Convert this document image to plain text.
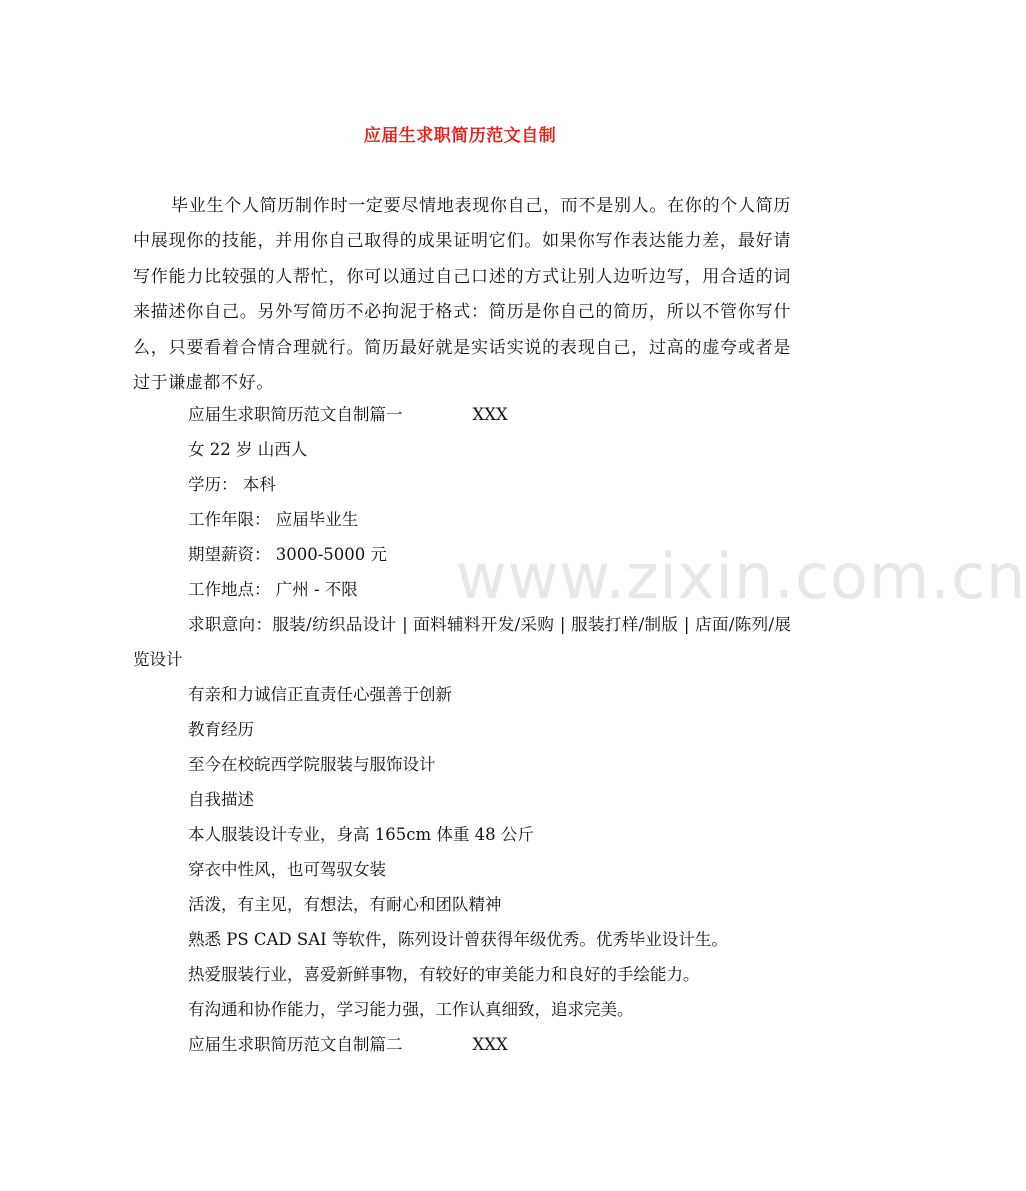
www.zixin.com.cn
应届生求职简历范文自制

毕业生个人简历制作时一定要尽情地表现你自己，而不是别人。在你的个人简历中展现你的技能，并用你自己取得的成果证明它们。如果你写作表达能力差，最好请写作能力比较强的人帮忙，你可以通过自己口述的方式让别人边听边写，用合适的词来描述你自己。另外写简历不必拘泥于格式：简历是你自己的简历，所以不管你写什么，只要看着合情合理就行。简历最好就是实话实说的表现自己，过高的虚夸或者是过于谦虚都不好。

应届生求职简历范文自制篇一	XXX
女 22 岁 山西人
学历： 本科
工作年限： 应届毕业生
期望薪资： 3000-5000 元
工作地点： 广州 - 不限
求职意向：服装/纺织品设计 | 面料辅料开发/采购 | 服装打样/制版 | 店面/陈列/展览设计
有亲和力诚信正直责任心强善于创新
教育经历
至今在校皖西学院服装与服饰设计
自我描述
本人服装设计专业，身高 165cm 体重 48 公斤
穿衣中性风，也可驾驭女装
活泼，有主见，有想法，有耐心和团队精神
熟悉 PS CAD SAI 等软件，陈列设计曾获得年级优秀。优秀毕业设计生。
热爱服装行业，喜爱新鲜事物，有较好的审美能力和良好的手绘能力。
有沟通和协作能力，学习能力强，工作认真细致，追求完美。
应届生求职简历范文自制篇二	XXX
